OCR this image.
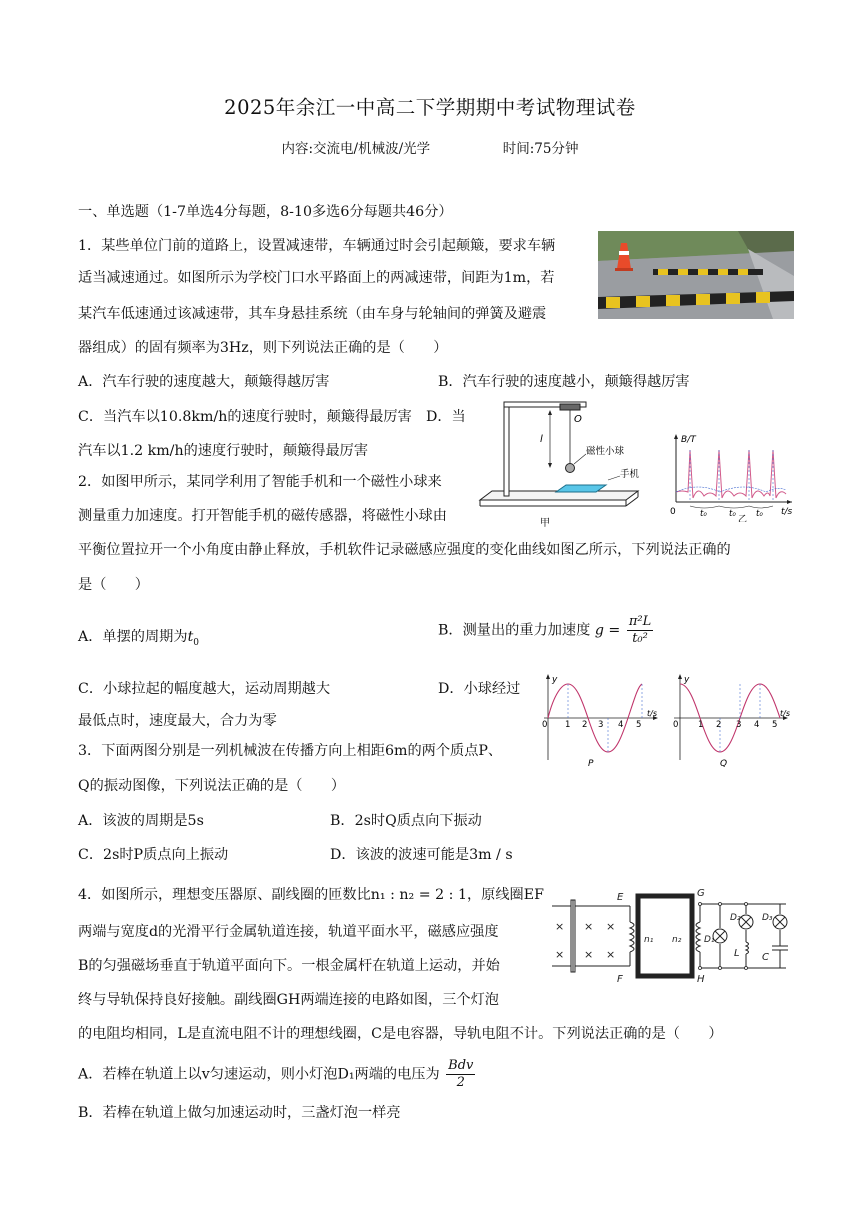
2025年余江一中高二下学期期中考试物理试卷
内容:交流电/机械波/光学	时间:75分钟
一、单选题（1-7单选4分每题，8-10多选6分每题共46分）
1．某些单位门前的道路上，设置减速带，车辆通过时会引起颠簸，要求车辆
适当减速通过。如图所示为学校门口水平路面上的两减速带，间距为1m，若
某汽车低速通过该减速带，其车身悬挂系统（由车身与轮轴间的弹簧及避震
器组成）的固有频率为3Hz，则下列说法正确的是（　　）
A．汽车行驶的速度越大，颠簸得越厉害	B．汽车行驶的速度越小，颠簸得越厉害
C．当汽车以10.8km/h的速度行驶时，颠簸得最厉害　D．当
汽车以1.2 km/h的速度行驶时，颠簸得最厉害
2．如图甲所示，某同学利用了智能手机和一个磁性小球来
测量重力加速度。打开智能手机的磁传感器，将磁性小球由
平衡位置拉开一个小角度由静止释放，手机软件记录磁感应强度的变化曲线如图乙所示，下列说法正确的
是（　　）
A．单摆的周期为$t_0$
B．测量出的重力加速度 $g = \frac{\text{π²L}}{\text{t₀²}}$
C．小球拉起的幅度越大，运动周期越大	D．小球经过
最低点时，速度最大，合力为零
O
l
磁性小球
手机
甲
B/T
t/s
0	t₀	t₀ t₀
乙
3．下面两图分别是一列机械波在传播方向上相距6m的两个质点P、
Q的振动图像，下列说法正确的是（　　）
A．该波的周期是5s	B．2s时Q质点向下振动
C．2s时P质点向上振动	D．该波的波速可能是3m / s
y
t/s
0 1 2 3 4 5
P
y
t/s
0 1 2 3 4 5
Q
4．如图所示，理想变压器原、副线圈的匝数比n₁ : n₂ = 2 : 1，原线圈EF
两端与宽度d的光滑平行金属轨道连接，轨道平面水平，磁感应强度
B的匀强磁场垂直于轨道平面向下。一根金属杆在轨道上运动，并始
终与导轨保持良好接触。副线圈GH两端连接的电路如图，三个灯泡
的电阻均相同，L是直流电阻不计的理想线圈，C是电容器，导轨电阻不计。下列说法正确的是（　　）
A．若棒在轨道上以v匀速运动，则小灯泡D₁两端的电压为 $\frac{\text{Bdv}}{2}$
B．若棒在轨道上做匀加速运动时，三盏灯泡一样亮
×
×
×
×
×
×
E
F
G
H
n₁ n₂	D₁
D₂ D₃
L C
